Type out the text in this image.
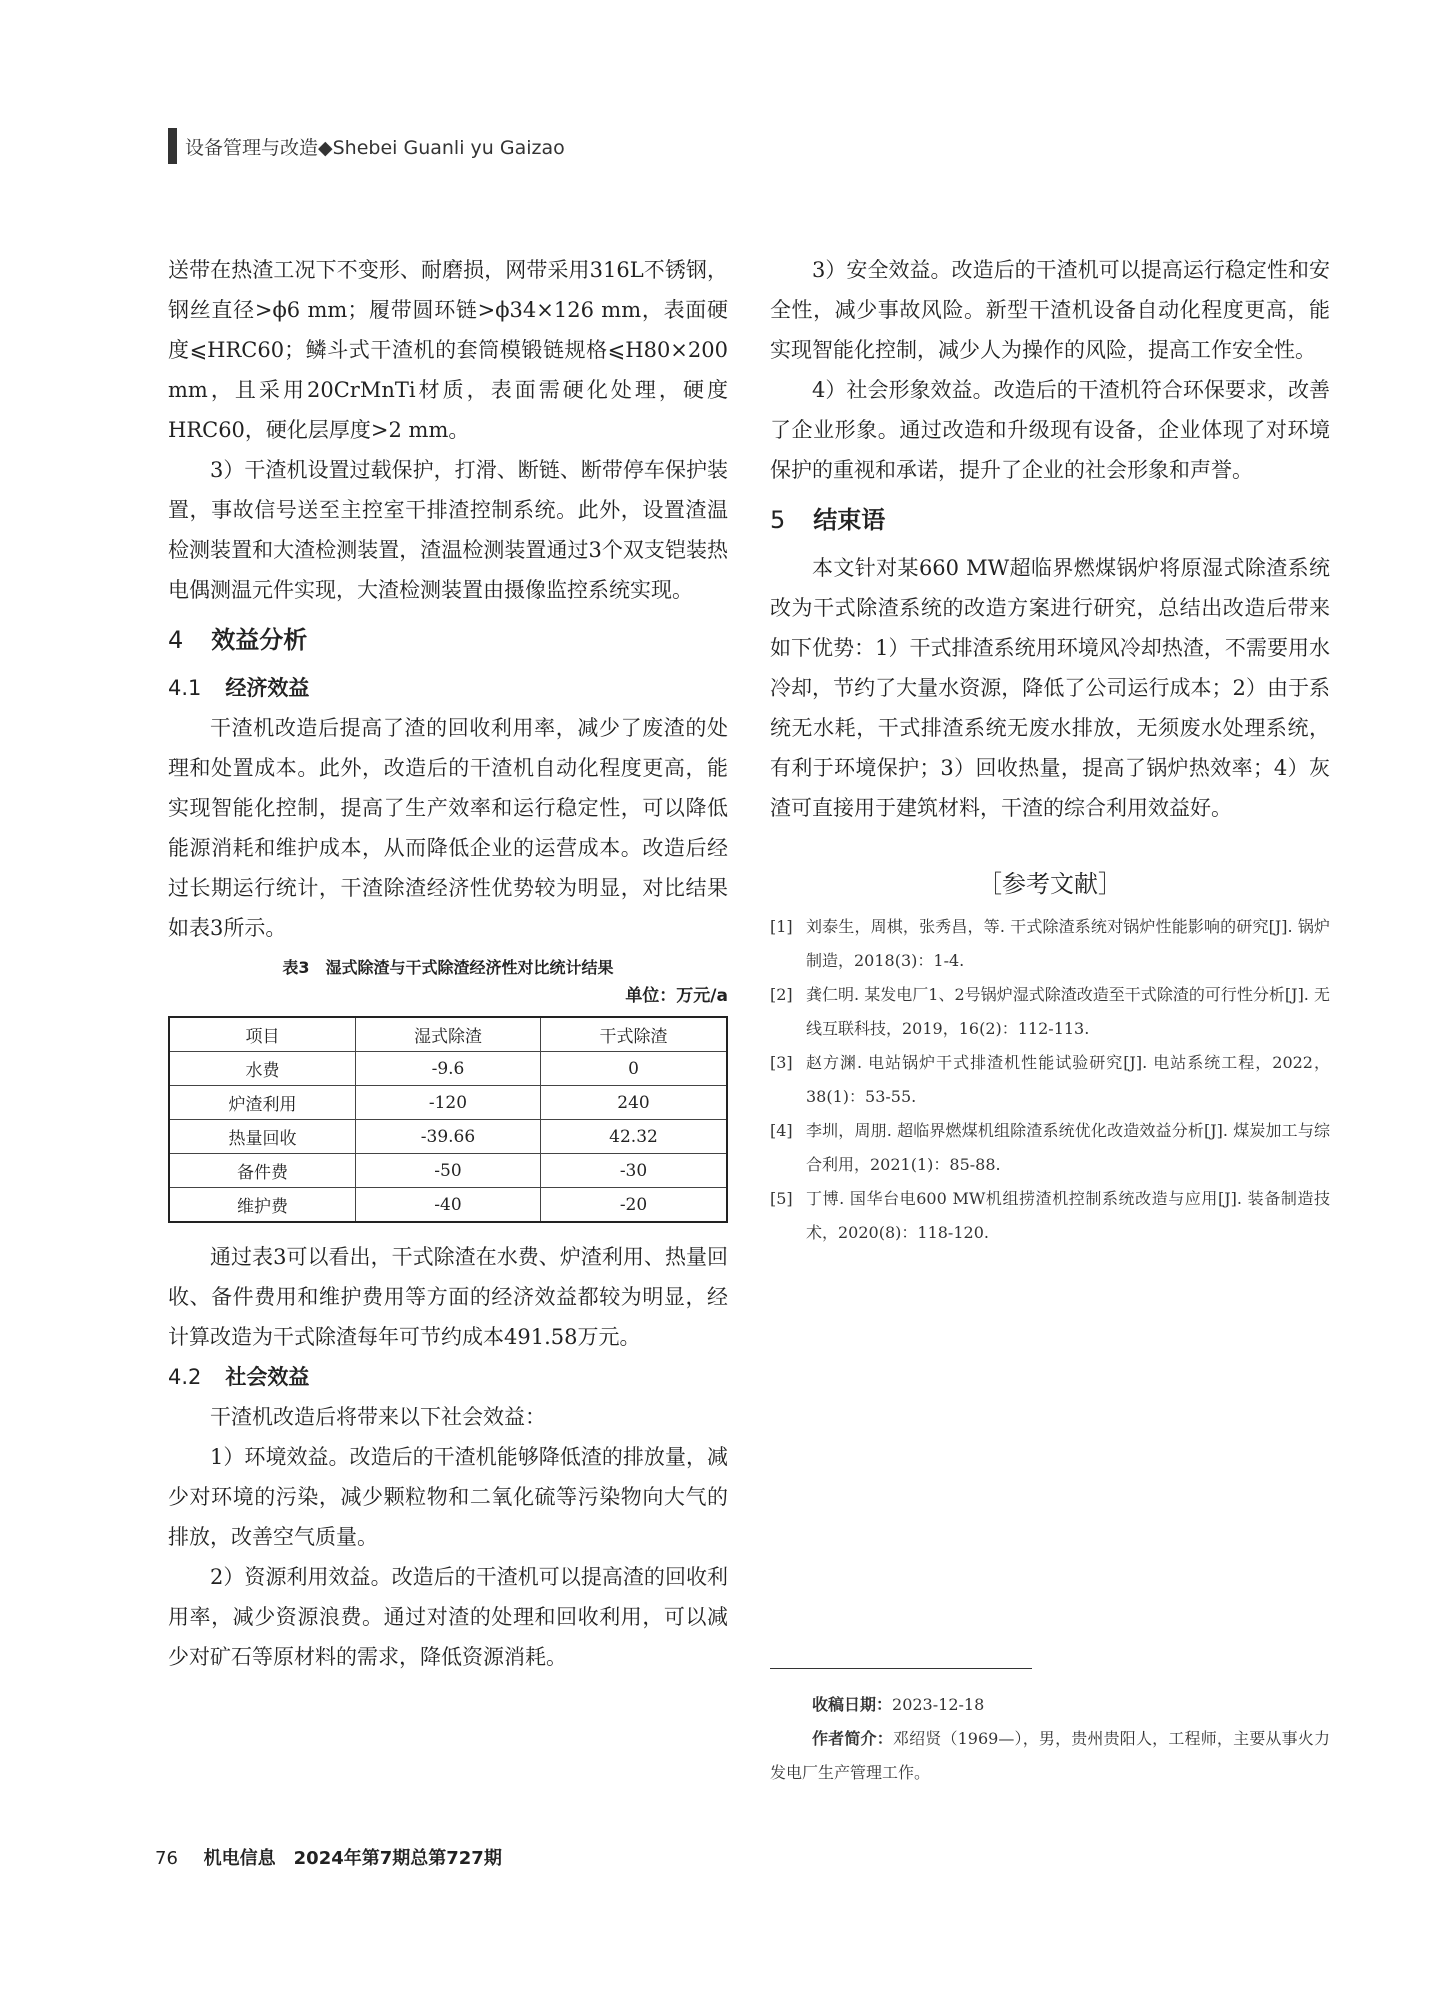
设备管理与改造◆Shebei Guanli yu Gaizao

送带在热渣工况下不变形、耐磨损，网带采用316L不锈钢，钢丝直径>ϕ6 mm；履带圆环链>ϕ34×126 mm，表面硬度⩽HRC60；鳞斗式干渣机的套筒模锻链规格⩽H80×200 mm，且采用20CrMnTi材质，表面需硬化处理，硬度HRC60，硬化层厚度>2 mm。

3）干渣机设置过载保护，打滑、断链、断带停车保护装置，事故信号送至主控室干排渣控制系统。此外，设置渣温检测装置和大渣检测装置，渣温检测装置通过3个双支铠装热电偶测温元件实现，大渣检测装置由摄像监控系统实现。

4 效益分析
4.1 经济效益

干渣机改造后提高了渣的回收利用率，减少了废渣的处理和处置成本。此外，改造后的干渣机自动化程度更高，能实现智能化控制，提高了生产效率和运行稳定性，可以降低能源消耗和维护成本，从而降低企业的运营成本。改造后经过长期运行统计，干渣除渣经济性优势较为明显，对比结果如表3所示。

表3　湿式除渣与干式除渣经济性对比统计结果
单位：万元/a
项目	湿式除渣	干式除渣
水费	-9.6	0
炉渣利用	-120	240
热量回收	-39.66	42.32
备件费	-50	-30
维护费	-40	-20

通过表3可以看出，干式除渣在水费、炉渣利用、热量回收、备件费用和维护费用等方面的经济效益都较为明显，经计算改造为干式除渣每年可节约成本491.58万元。

4.2 社会效益

干渣机改造后将带来以下社会效益：

1）环境效益。改造后的干渣机能够降低渣的排放量，减少对环境的污染，减少颗粒物和二氧化硫等污染物向大气的排放，改善空气质量。

2）资源利用效益。改造后的干渣机可以提高渣的回收利用率，减少资源浪费。通过对渣的处理和回收利用，可以减少对矿石等原材料的需求，降低资源消耗。

3）安全效益。改造后的干渣机可以提高运行稳定性和安全性，减少事故风险。新型干渣机设备自动化程度更高，能实现智能化控制，减少人为操作的风险，提高工作安全性。

4）社会形象效益。改造后的干渣机符合环保要求，改善了企业形象。通过改造和升级现有设备，企业体现了对环境保护的重视和承诺，提升了企业的社会形象和声誉。

5 结束语

本文针对某660 MW超临界燃煤锅炉将原湿式除渣系统改为干式除渣系统的改造方案进行研究，总结出改造后带来如下优势：1）干式排渣系统用环境风冷却热渣，不需要用水冷却，节约了大量水资源，降低了公司运行成本；2）由于系统无水耗，干式排渣系统无废水排放，无须废水处理系统，有利于环境保护；3）回收热量，提高了锅炉热效率；4）灰渣可直接用于建筑材料，干渣的综合利用效益好。

［参考文献］
[1] 刘泰生，周棋，张秀昌，等. 干式除渣系统对锅炉性能影响的研究[J]. 锅炉制造，2018(3)：1-4.
[2] 龚仁明. 某发电厂1、2号锅炉湿式除渣改造至干式除渣的可行性分析[J]. 无线互联科技，2019，16(2)：112-113.
[3] 赵方渊. 电站锅炉干式排渣机性能试验研究[J]. 电站系统工程，2022，38(1)：53-55.
[4] 李圳，周朋. 超临界燃煤机组除渣系统优化改造效益分析[J]. 煤炭加工与综合利用，2021(1)：85-88.
[5] 丁博. 国华台电600 MW机组捞渣机控制系统改造与应用[J]. 装备制造技术，2020(8)：118-120.

收稿日期：2023-12-18

作者简介：邓绍贤（1969—），男，贵州贵阳人，工程师，主要从事火力发电厂生产管理工作。

76 机电信息　2024年第7期总第727期
